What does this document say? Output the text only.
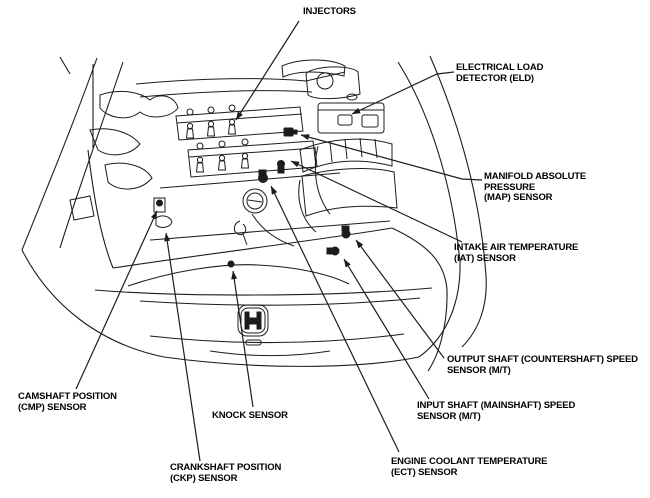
INJECTORS
ELECTRICAL LOAD
DETECTOR (ELD)
MANIFOLD ABSOLUTE
PRESSURE
(MAP) SENSOR
INTAKE AIR TEMPERATURE
(IAT) SENSOR
OUTPUT SHAFT (COUNTERSHAFT) SPEED
SENSOR (M/T)
INPUT SHAFT (MAINSHAFT) SPEED
SENSOR (M/T)
ENGINE COOLANT TEMPERATURE
(ECT) SENSOR
KNOCK SENSOR
CRANKSHAFT POSITION
(CKP) SENSOR
CAMSHAFT POSITION
(CMP) SENSOR
